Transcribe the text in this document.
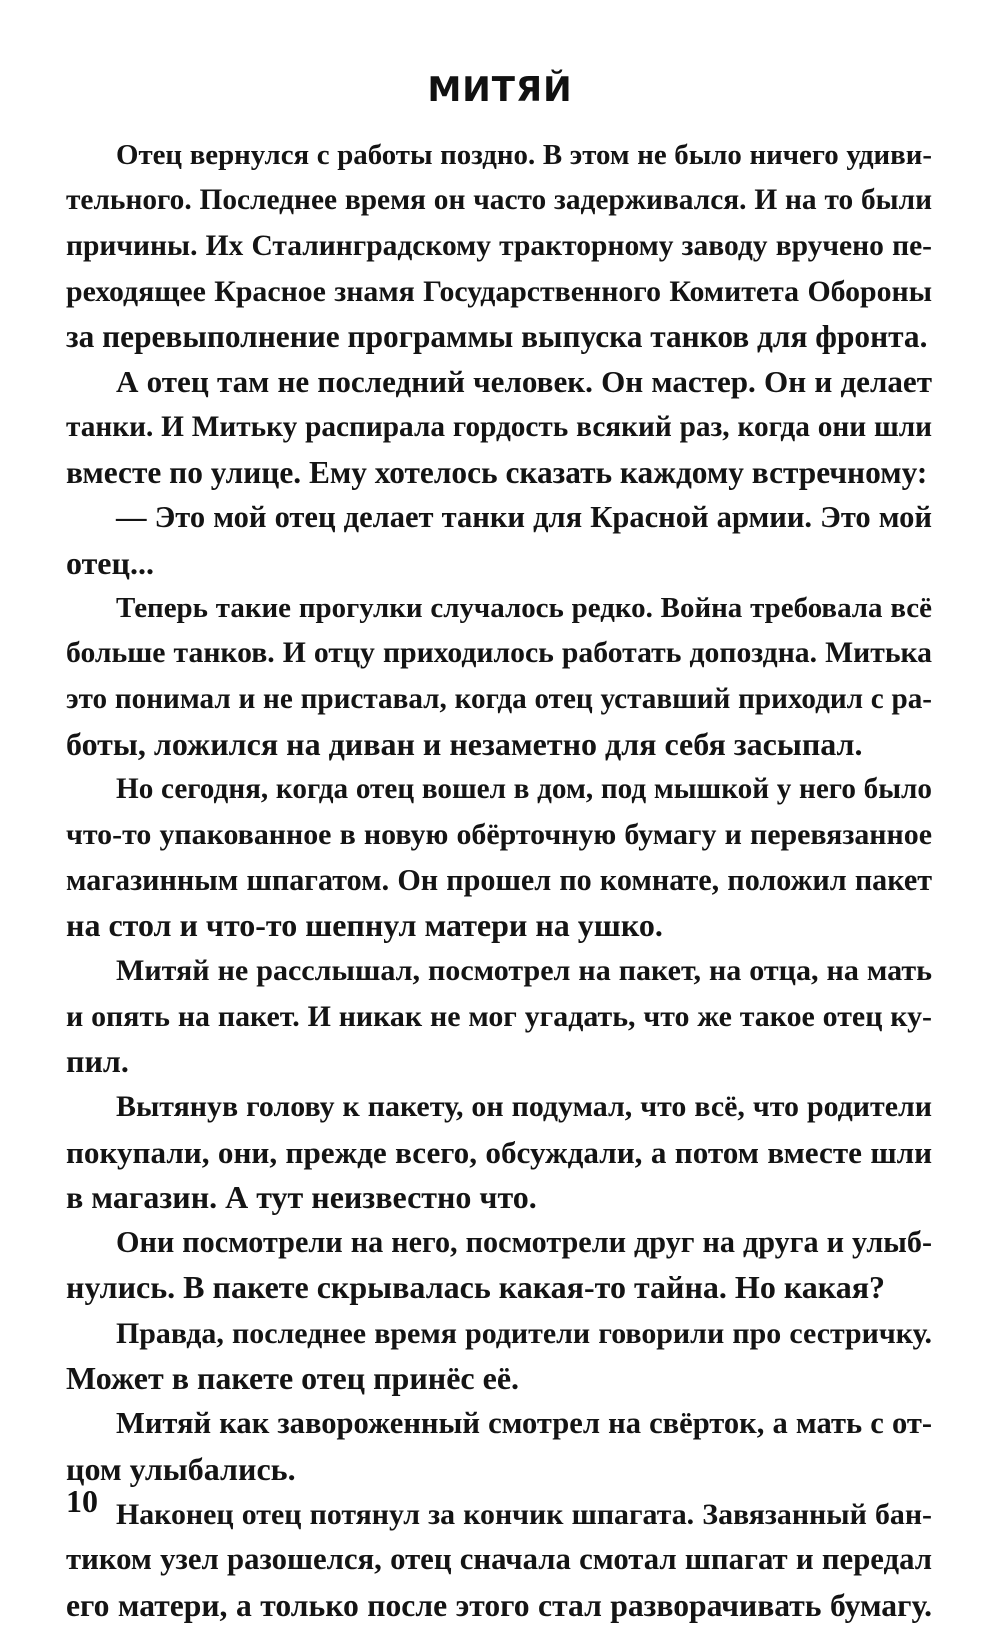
МИТЯЙ
Отец вернулся с работы поздно. В этом не было ничего удиви-
тельного. Последнее время он часто задерживался. И на то были
причины. Их Сталинградскому тракторному заводу вручено пе-
реходящее Красное знамя Государственного Комитета Обороны
за перевыполнение программы выпуска танков для фронта.
А отец там не последний человек. Он мастер. Он и делает
танки. И Митьку распирала гордость всякий раз, когда они шли
вместе по улице. Ему хотелось сказать каждому встречному:
— Это мой отец делает танки для Красной армии. Это мой
отец...
Теперь такие прогулки случалось редко. Война требовала всё
больше танков. И отцу приходилось работать допоздна. Митька
это понимал и не приставал, когда отец уставший приходил с ра-
боты, ложился на диван и незаметно для себя засыпал.
Но сегодня, когда отец вошел в дом, под мышкой у него было
что-то упакованное в новую обёрточную бумагу и перевязанное
магазинным шпагатом. Он прошел по комнате, положил пакет
на стол и что-то шепнул матери на ушко.
Митяй не расслышал, посмотрел на пакет, на отца, на мать
и опять на пакет. И никак не мог угадать, что же такое отец ку-
пил.
Вытянув голову к пакету, он подумал, что всё, что родители
покупали, они, прежде всего, обсуждали, а потом вместе шли
в магазин. А тут неизвестно что.
Они посмотрели на него, посмотрели друг на друга и улыб-
нулись. В пакете скрывалась какая-то тайна. Но какая?
Правда, последнее время родители говорили про сестричку.
Может в пакете отец принёс её.
Митяй как завороженный смотрел на свёрток, а мать с от-
цом улыбались.
Наконец отец потянул за кончик шпагата. Завязанный бан-
тиком узел разошелся, отец сначала смотал шпагат и передал
его матери, а только после этого стал разворачивать бумагу.
10
